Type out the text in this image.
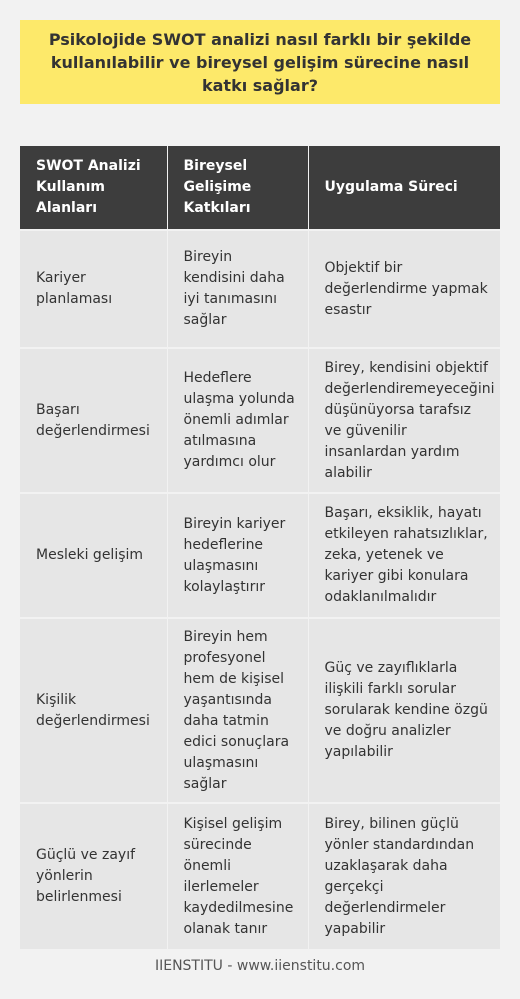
Psikolojide SWOT analizi nasıl farklı bir şekilde kullanılabilir ve bireysel gelişim sürecine nasıl katkı sağlar?
SWOT Analizi Kullanım Alanları	Bireysel Gelişime Katkıları	Uygulama Süreci
Kariyer planlaması	Bireyin kendisini daha iyi tanımasını sağlar	Objektif bir değerlendirme yapmak esastır
Başarı değerlendirmesi	Hedeflere ulaşma yolunda önemli adımlar atılmasına yardımcı olur	Birey, kendisini objektif değerlendiremeyeceğini düşünüyorsa tarafsız ve güvenilir insanlardan yardım alabilir
Mesleki gelişim	Bireyin kariyer hedeflerine ulaşmasını kolaylaştırır	Başarı, eksiklik, hayatı etkileyen rahatsızlıklar, zeka, yetenek ve kariyer gibi konulara odaklanılmalıdır
Kişilik değerlendirmesi	Bireyin hem profesyonel hem de kişisel yaşantısında daha tatmin edici sonuçlara ulaşmasını sağlar	Güç ve zayıflıklarla ilişkili farklı sorular sorularak kendine özgü ve doğru analizler yapılabilir
Güçlü ve zayıf yönlerin belirlenmesi	Kişisel gelişim sürecinde önemli ilerlemeler kaydedilmesine olanak tanır	Birey, bilinen güçlü yönler standardından uzaklaşarak daha gerçekçi değerlendirmeler yapabilir
IIENSTITU - www.iienstitu.com
